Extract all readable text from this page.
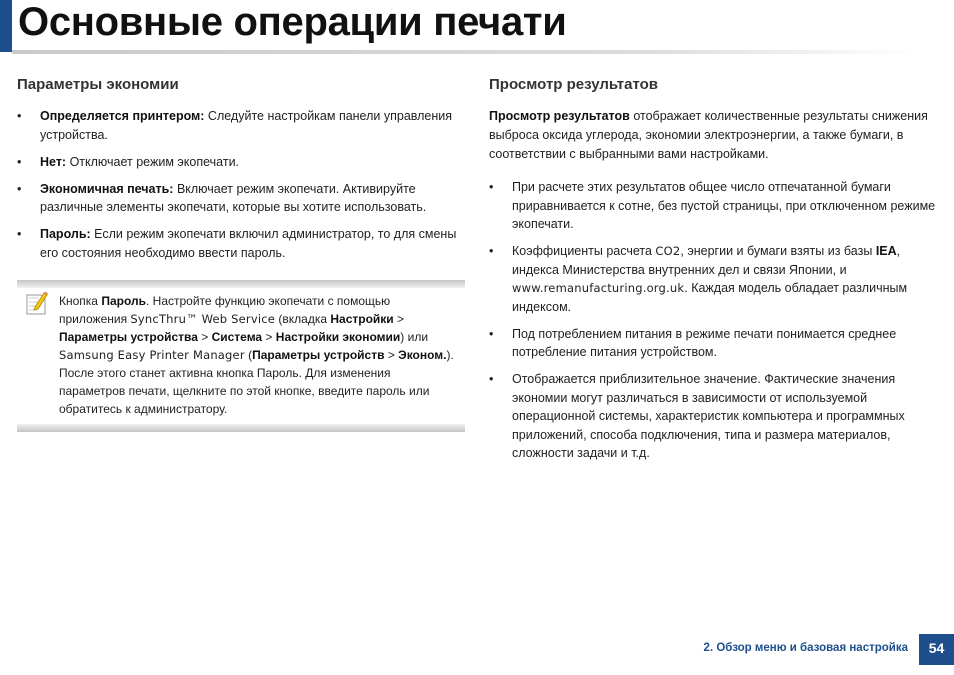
Основные операции печати
Параметры экономии
• Определяется принтером: Следуйте настройкам панели управления устройства.
• Нет: Отключает режим экопечати.
• Экономичная печать: Включает режим экопечати. Активируйте различные элементы экопечати, которые вы хотите использовать.
• Пароль: Если режим экопечати включил администратор, то для смены его состояния необходимо ввести пароль.
Кнопка Пароль. Настройте функцию экопечати с помощью приложения SyncThru™ Web Service (вкладка Настройки > Параметры устройства > Система > Настройки экономии) или Samsung Easy Printer Manager (Параметры устройств > Эконом.). После этого станет активна кнопка Пароль. Для изменения параметров печати, щелкните по этой кнопке, введите пароль или обратитесь к администратору.
Просмотр результатов

Просмотр результатов отображает количественные результаты снижения выброса оксида углерода, экономии электроэнергии, а также бумаги, в соответствии с выбранными вами настройками.

• При расчете этих результатов общее число отпечатанной бумаги приравнивается к сотне, без пустой страницы, при отключенном режиме экопечати.
• Коэффициенты расчета CO2, энергии и бумаги взяты из базы IEA, индекса Министерства внутренних дел и связи Японии, и www.remanufacturing.org.uk. Каждая модель обладает различным индексом.
• Под потреблением питания в режиме печати понимается среднее потребление питания устройством.
• Отображается приблизительное значение. Фактические значения экономии могут различаться в зависимости от используемой операционной системы, характеристик компьютера и программных приложений, способа подключения, типа и размера материалов, сложности задачи и т.д.
2. Обзор меню и базовая настройка	54
